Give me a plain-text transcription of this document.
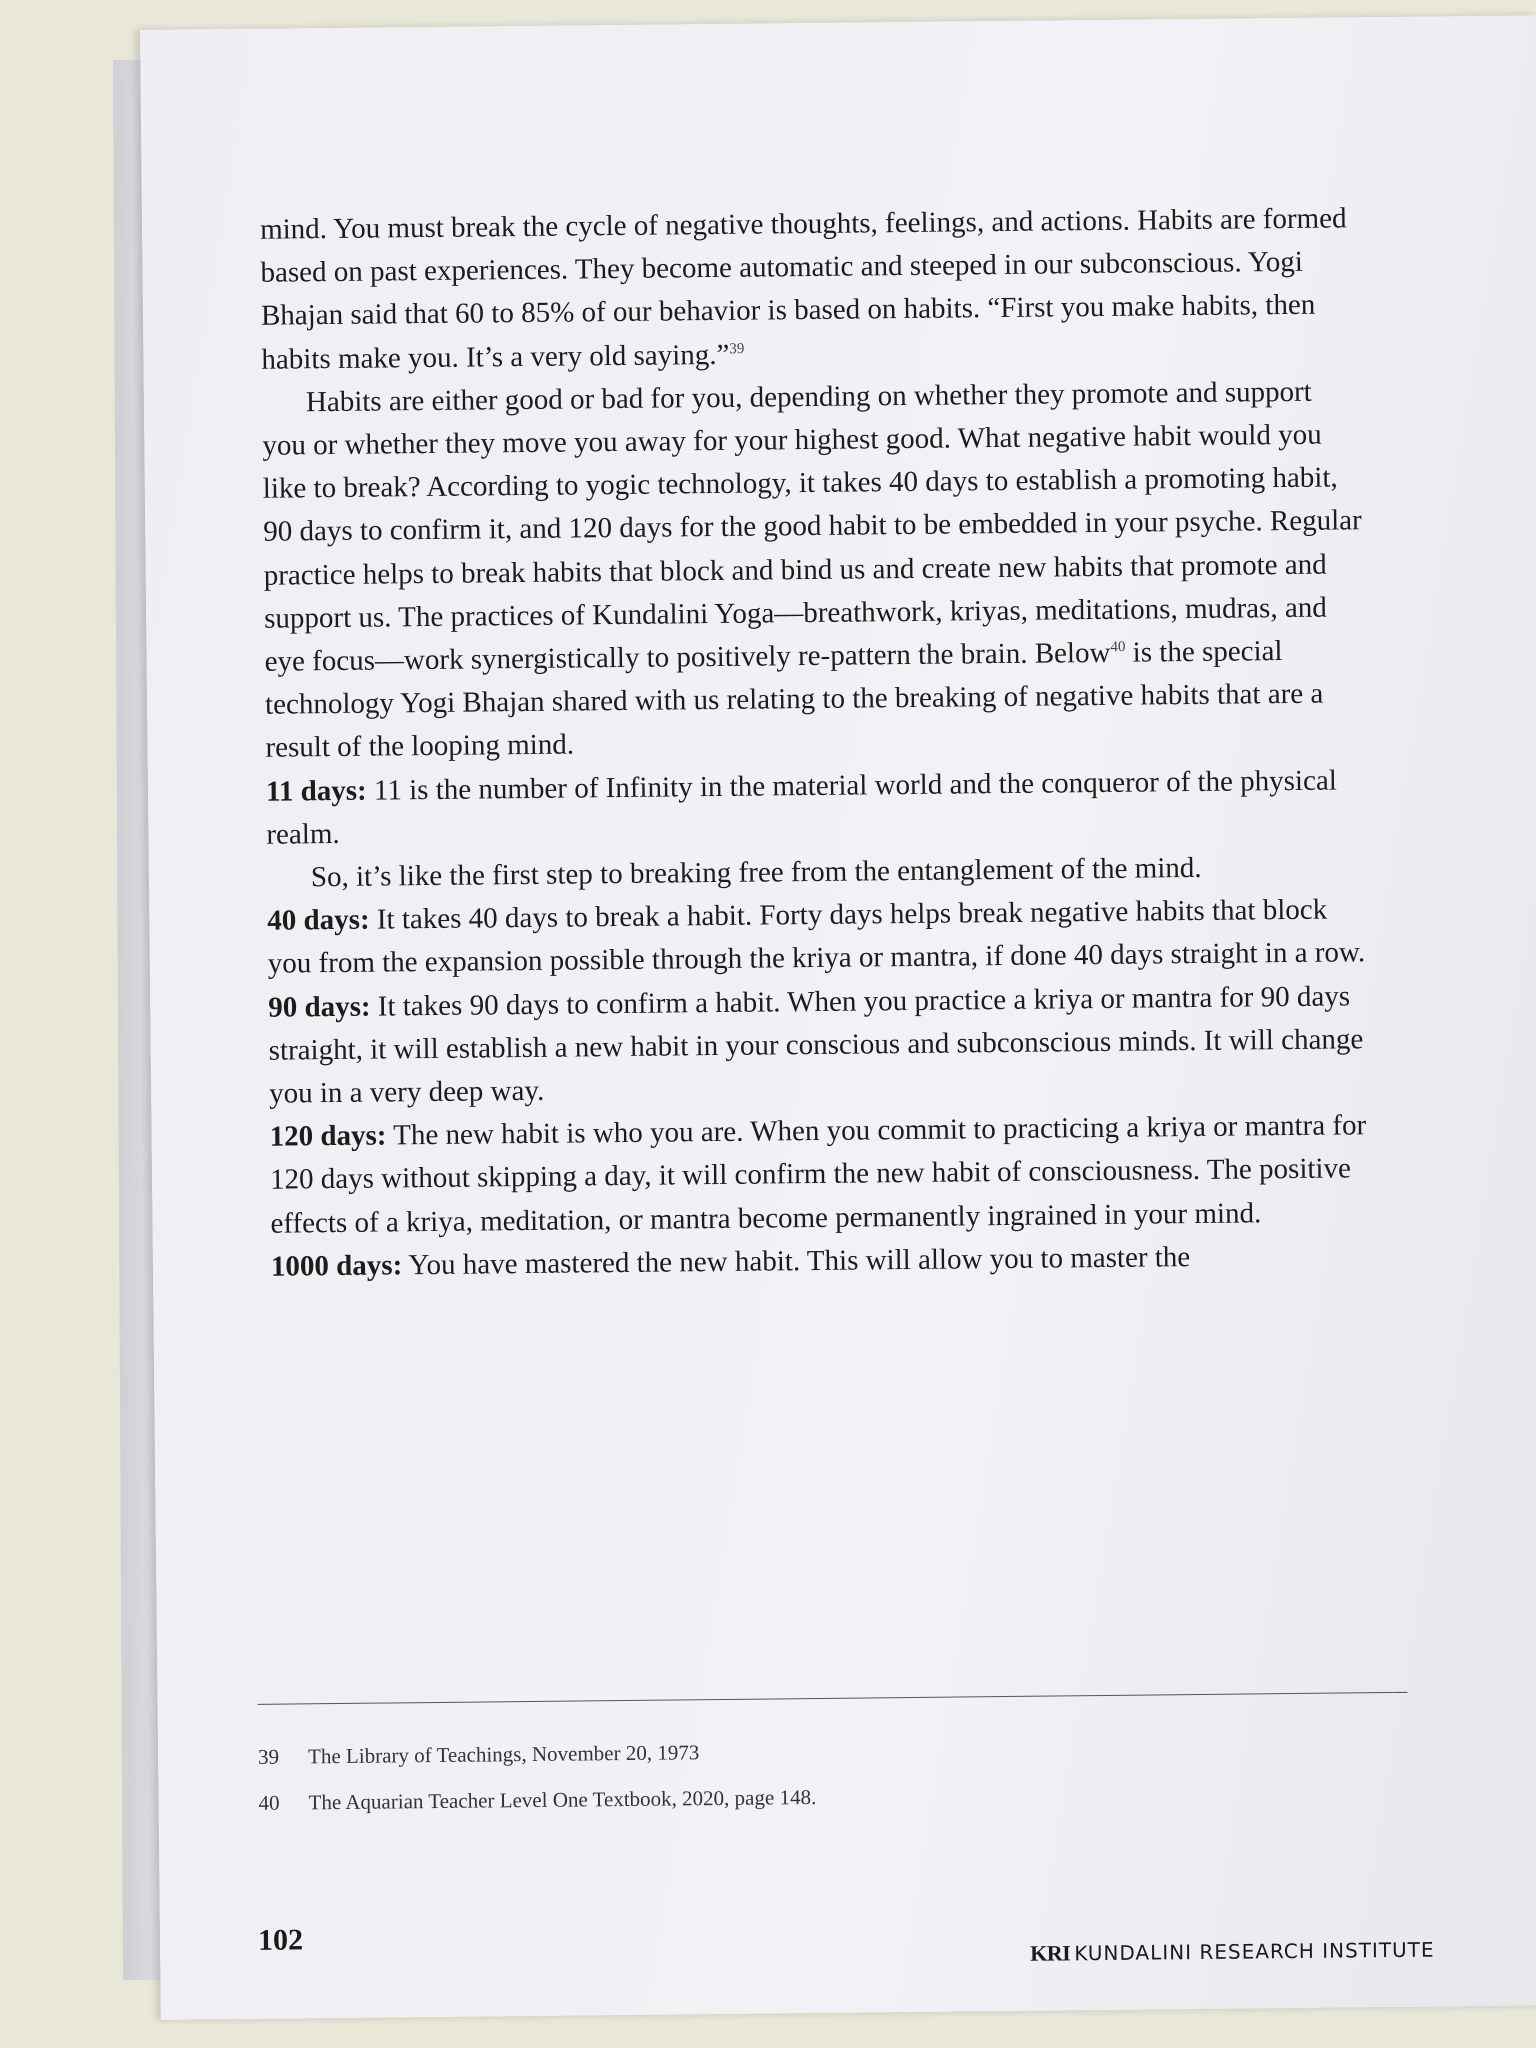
mind. You must break the cycle of negative thoughts, feelings, and actions. Habits are formed based on past experiences. They become automatic and steeped in our subconscious. Yogi Bhajan said that 60 to 85% of our behavior is based on habits. “First you make habits, then habits make you. It’s a very old saying.”$^{39}$

Habits are either good or bad for you, depending on whether they promote and support you or whether they move you away for your highest good. What negative habit would you like to break? According to yogic technology, it takes 40 days to establish a promoting habit, 90 days to confirm it, and 120 days for the good habit to be embedded in your psyche. Regular practice helps to break habits that block and bind us and create new habits that promote and support us. The practices of Kundalini Yoga—breathwork, kriyas, meditations, mudras, and eye focus—work synergistically to positively re-pattern the brain. Below$^{40}$ is the special technology Yogi Bhajan shared with us relating to the breaking of negative habits that are a result of the looping mind.

11 days: 11 is the number of Infinity in the material world and the conqueror of the physical realm.

So, it’s like the first step to breaking free from the entanglement of the mind.

40 days: It takes 40 days to break a habit. Forty days helps break negative habits that block you from the expansion possible through the kriya or mantra, if done 40 days straight in a row.

90 days: It takes 90 days to confirm a habit. When you practice a kriya or mantra for 90 days straight, it will establish a new habit in your conscious and subconscious minds. It will change you in a very deep way.

120 days: The new habit is who you are. When you commit to practicing a kriya or mantra for 120 days without skipping a day, it will confirm the new habit of consciousness. The positive effects of a kriya, meditation, or mantra become permanently ingrained in your mind.

1000 days: You have mastered the new habit. This will allow you to master the

39 The Library of Teachings, November 20, 1973
40 The Aquarian Teacher Level One Textbook, 2020, page 148.
102	KRI KUNDALINI RESEARCH INSTITUTE
